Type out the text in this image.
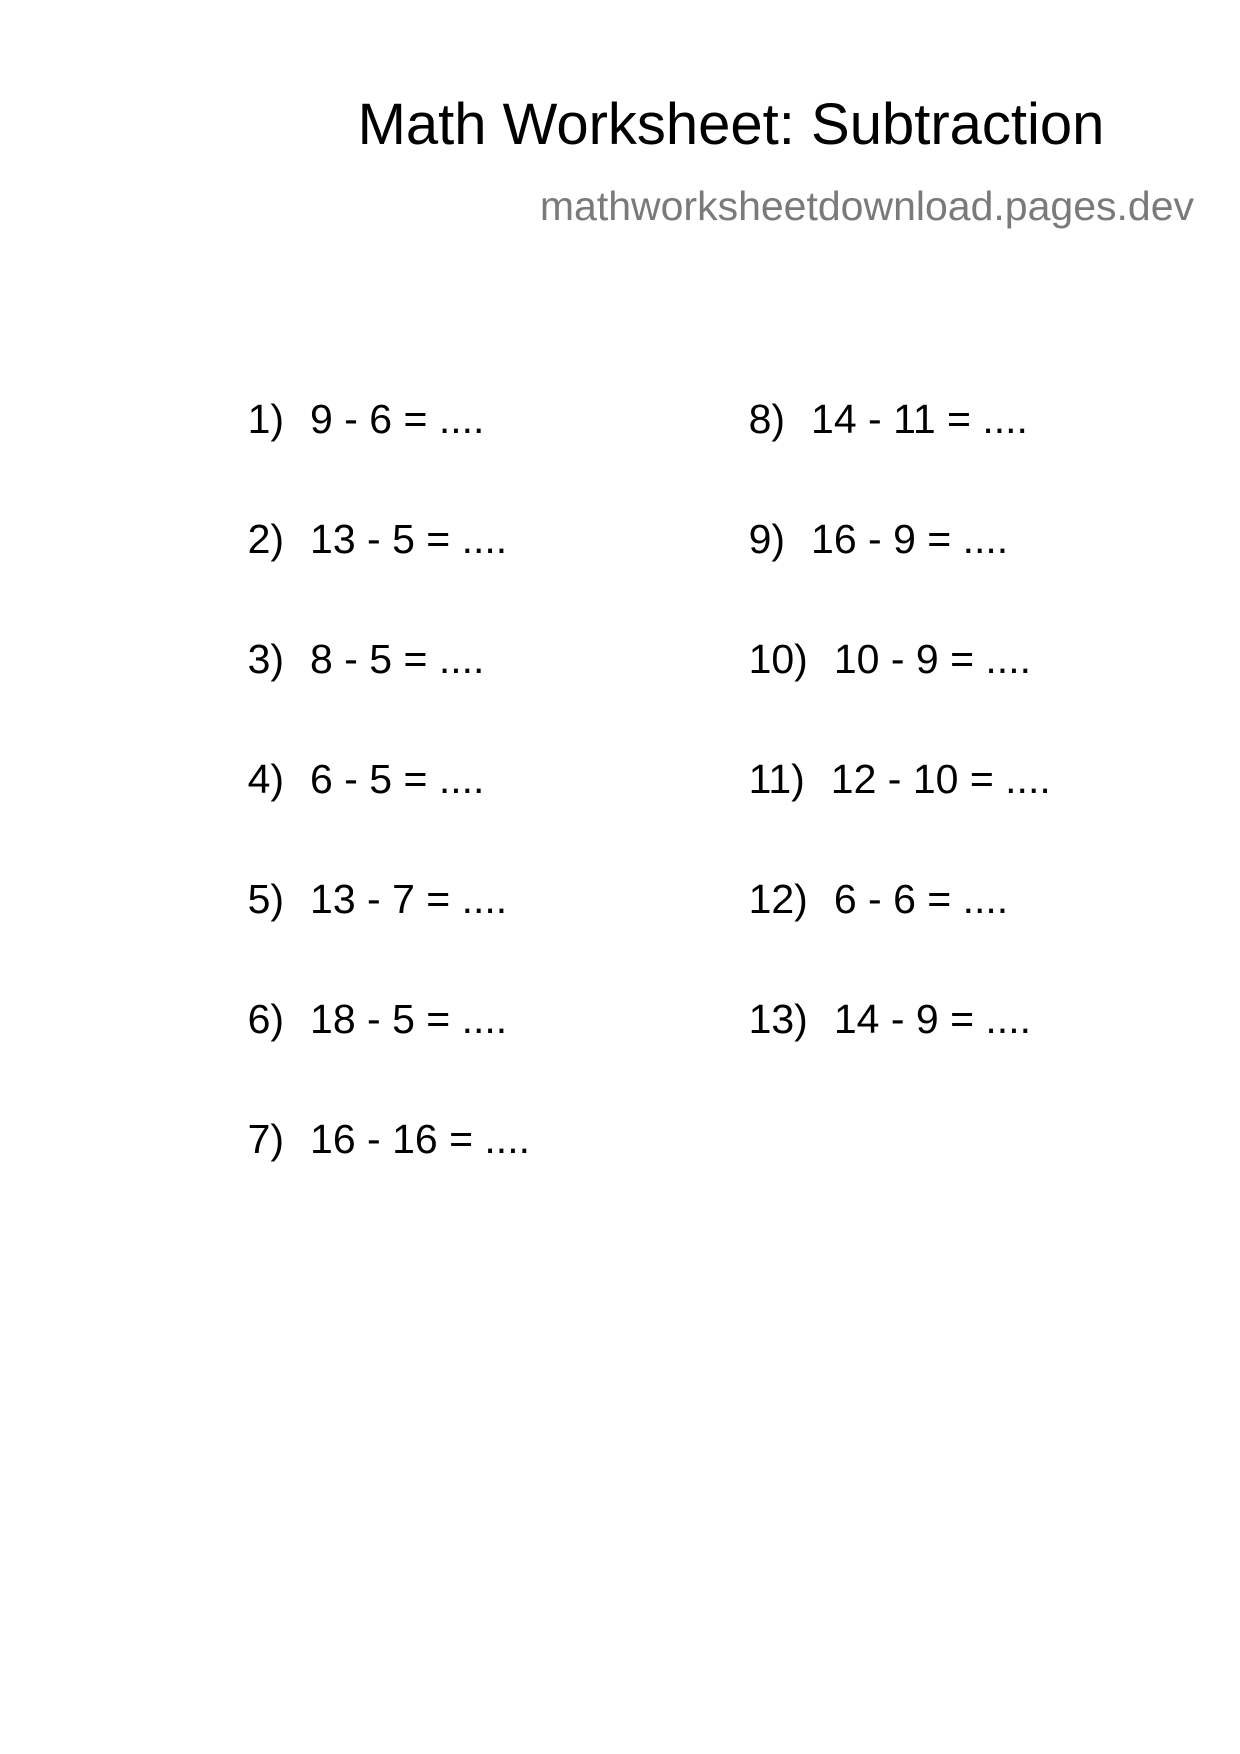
Math Worksheet: Subtraction
mathworksheetdownload.pages.dev

1) 9 - 6 = ....

2) 13 - 5 = ....

3) 8 - 5 = ....

4) 6 - 5 = ....

5) 13 - 7 = ....

6) 18 - 5 = ....

7) 16 - 16 = ....

8) 14 - 11 = ....

9) 16 - 9 = ....

10) 10 - 9 = ....

11) 12 - 10 = ....

12) 6 - 6 = ....

13) 14 - 9 = ....
